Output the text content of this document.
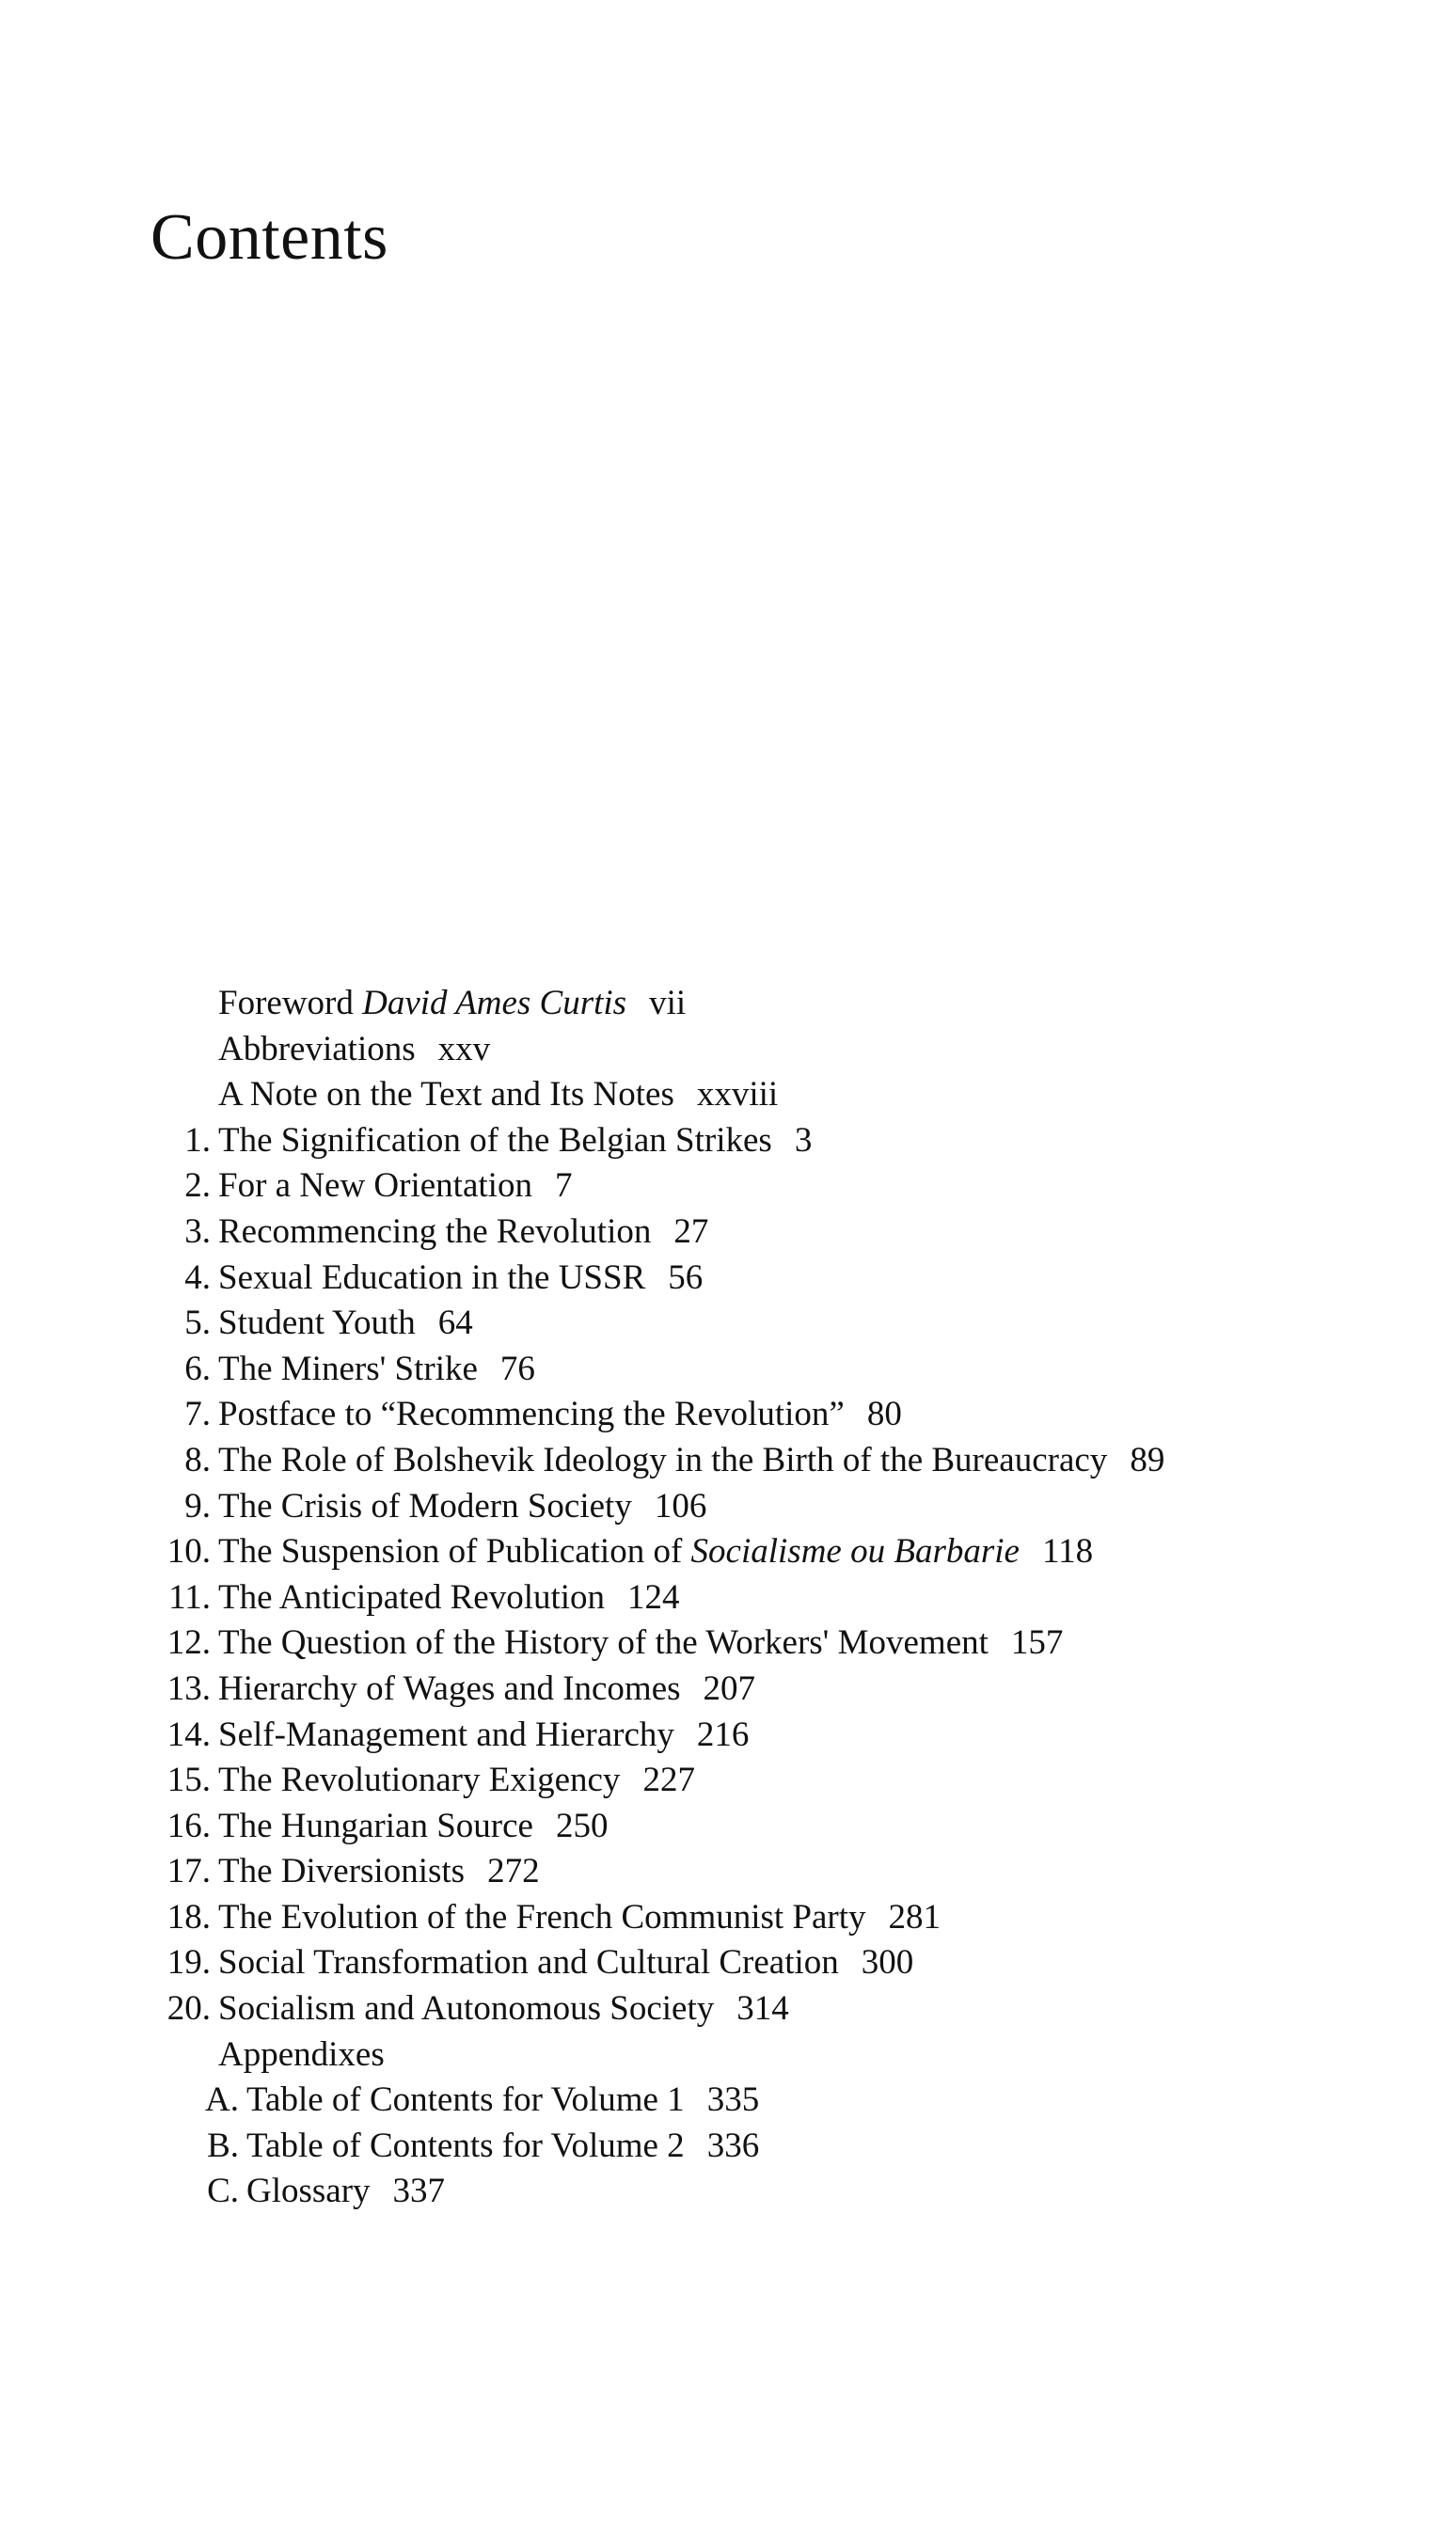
Contents
Foreword
David Ames Curtis vii
Abbreviations xxv
A Note on the Text and Its Notes xxviii
1. The Signification of the Belgian Strikes 3
2. For a New Orientation 7
3. Recommencing the Revolution 27
4. Sexual Education in the USSR 56
5. Student Youth 64
6. The Miners' Strike 76
7. Postface to “Recommencing the Revolution” 80
8. The Role of Bolshevik Ideology in the Birth of the Bureaucracy 89
9. The Crisis of Modern Society 106
10. The Suspension of Publication of
Socialisme ou Barbarie 118
11. The Anticipated Revolution 124
12. The Question of the History of the Workers' Movement 157
13. Hierarchy of Wages and Incomes 207
14. Self-Management and Hierarchy 216
15. The Revolutionary Exigency 227
16. The Hungarian Source 250
17. The Diversionists 272
18. The Evolution of the French Communist Party 281
19. Social Transformation and Cultural Creation 300
20. Socialism and Autonomous Society 314
Appendixes
A. Table of Contents for Volume 1 335
B. Table of Contents for Volume 2 336
C. Glossary 337
